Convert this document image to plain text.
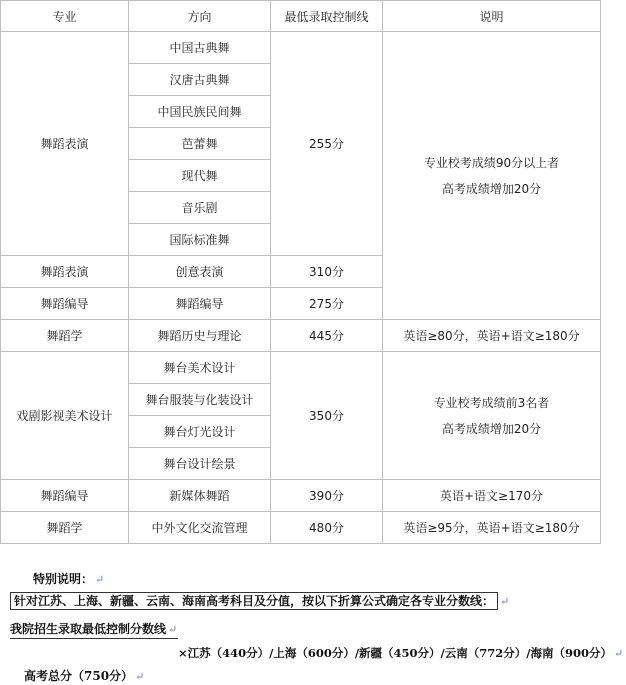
专业	方向	最低录取控制线	说明
舞蹈表演	中国古典舞	255分	专业校考成绩90分以上者
高考成绩增加20分

	汉唐古典舞		
	中国民族民间舞		
	芭蕾舞		
	现代舞		
	音乐剧		
	国际标准舞		
舞蹈表演	创意表演	310分	
舞蹈编导	舞蹈编导	275分	
舞蹈学	舞蹈历史与理论	445分	英语≥80分，英语+语文≥180分
戏剧影视美术设计	舞台美术设计	350分	专业校考成绩前3名者
高考成绩增加20分

	舞台服装与化装设计		
	舞台灯光设计		
	舞台设计绘景		
舞蹈编导	新媒体舞蹈	390分	英语+语文≥170分
舞蹈学	中外文化交流管理	480分	英语≥95分，英语+语文≥180分
特别说明： ↵
针对江苏、上海、新疆、云南、海南高考科目及分值，按以下折算公式确定各专业分数线： ↵
我院招生录取最低控制分数线 ↵
×江苏（440分）/上海（600分）/新疆（450分）/云南（772分）/海南（900分） ↵
高考总分（750分） ↵
